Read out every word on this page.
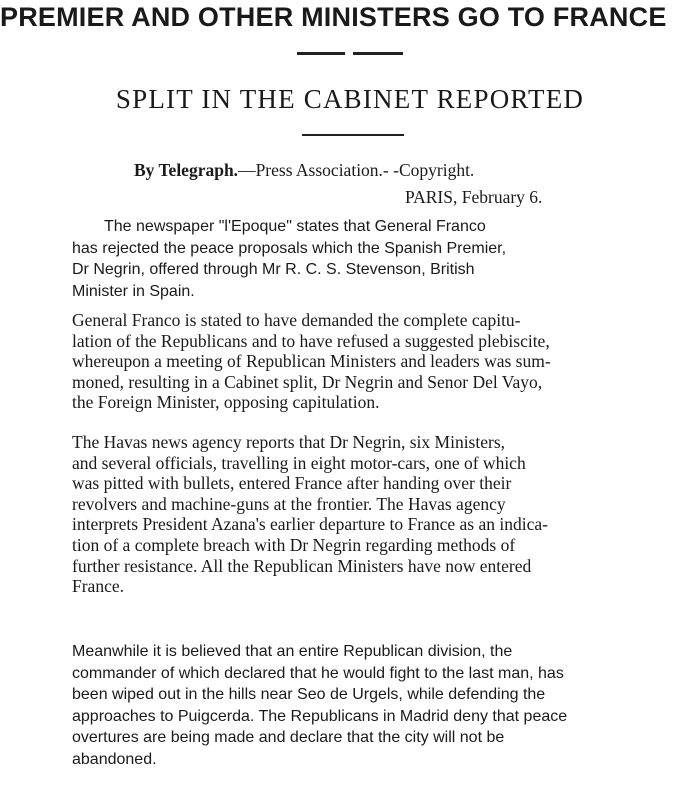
PREMIER AND OTHER MINISTERS GO TO FRANCE
SPLIT IN THE CABINET REPORTED
By Telegraph.—Press Association.- -Copyright.
PARIS, February 6.
The newspaper "l'Epoque" states that General Franco
has rejected the peace proposals which the Spanish Premier,
Dr Negrin, offered through Mr R. C. S. Stevenson, British
Minister in Spain.
General Franco is stated to have demanded the complete capitu-
lation of the Republicans and to have refused a suggested plebiscite,
whereupon a meeting of Republican Ministers and leaders was sum-
moned, resulting in a Cabinet split, Dr Negrin and Senor Del Vayo,
the Foreign Minister, opposing capitulation.
The Havas news agency reports that Dr Negrin, six Ministers,
and several officials, travelling in eight motor-cars, one of which
was pitted with bullets, entered France after handing over their
revolvers and machine-guns at the frontier. The Havas agency
interprets President Azana's earlier departure to France as an indica-
tion of a complete breach with Dr Negrin regarding methods of
further resistance. All the Republican Ministers have now entered
France.
Meanwhile it is believed that an entire Republican division, the
commander of which declared that he would fight to the last man, has
been wiped out in the hills near Seo de Urgels, while defending the
approaches to Puigcerda. The Republicans in Madrid deny that peace
overtures are being made and declare that the city will not be
abandoned.
